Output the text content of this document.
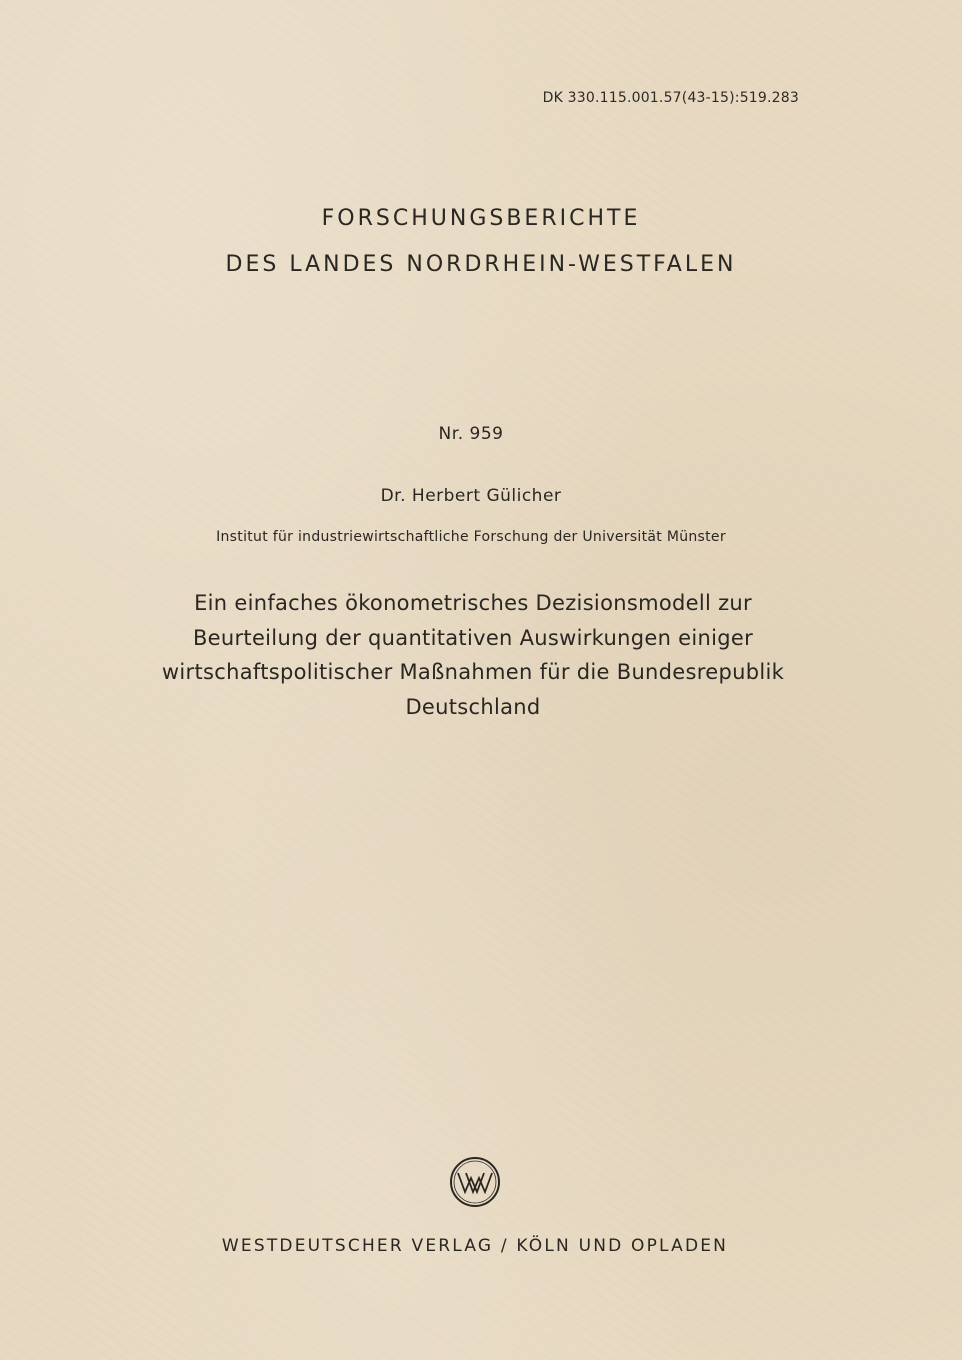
DK 330.115.001.57(43-15):519.283
FORSCHUNGSBERICHTE
DES LANDES NORDRHEIN-WESTFALEN
Nr. 959
Dr. Herbert Gülicher
Institut für industriewirtschaftliche Forschung der Universität Münster
Ein einfaches ökonometrisches Dezisionsmodell zur
Beurteilung der quantitativen Auswirkungen einiger
wirtschaftspolitischer Maßnahmen für die Bundesrepublik
Deutschland
WESTDEUTSCHER VERLAG / KÖLN UND OPLADEN
